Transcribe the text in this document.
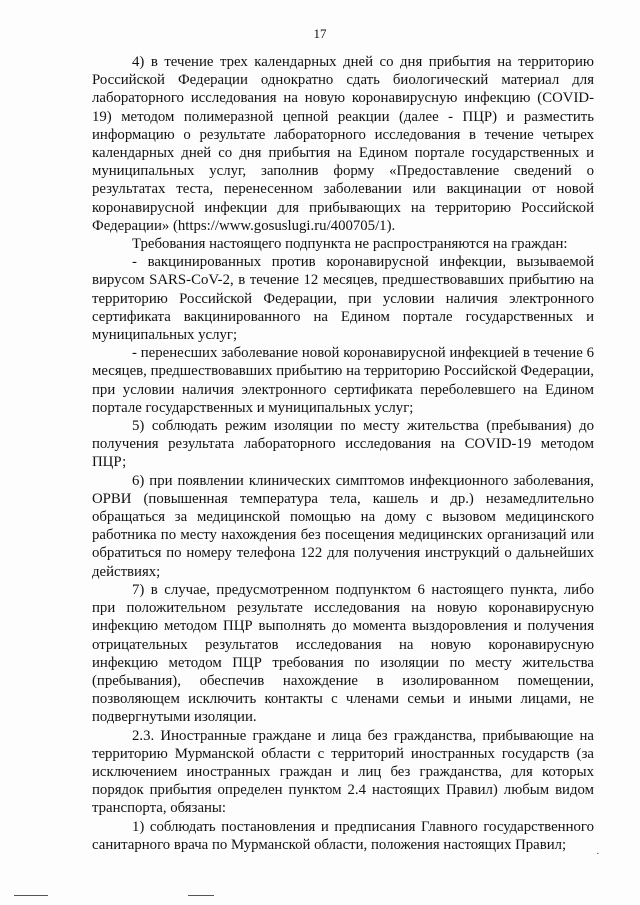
17

4) в течение трех календарных дней со дня прибытия на территорию Российской Федерации однократно сдать биологический материал для лабораторного исследования на новую коронавирусную инфекцию (COVID-19) методом полимеразной цепной реакции (далее - ПЦР) и разместить информацию о результате лабораторного исследования в течение четырех календарных дней со дня прибытия на Едином портале государственных и муниципальных услуг, заполнив форму «Предоставление сведений о результатах теста, перенесенном заболевании или вакцинации от новой коронавирусной инфекции для прибывающих на территорию Российской Федерации» (https://www.gosuslugi.ru/400705/1).

Требования настоящего подпункта не распространяются на граждан:

- вакцинированных против коронавирусной инфекции, вызываемой вирусом SARS-CoV-2, в течение 12 месяцев, предшествовавших прибытию на территорию Российской Федерации, при условии наличия электронного сертификата вакцинированного на Едином портале государственных и муниципальных услуг;

- перенесших заболевание новой коронавирусной инфекцией в течение 6 месяцев, предшествовавших прибытию на территорию Российской Федерации, при условии наличия электронного сертификата переболевшего на Едином портале государственных и муниципальных услуг;

5) соблюдать режим изоляции по месту жительства (пребывания) до получения результата лабораторного исследования на COVID-19 методом ПЦР;

6) при появлении клинических симптомов инфекционного заболевания, ОРВИ (повышенная температура тела, кашель и др.) незамедлительно обращаться за медицинской помощью на дому с вызовом медицинского работника по месту нахождения без посещения медицинских организаций или обратиться по номеру телефона 122 для получения инструкций о дальнейших действиях;

7) в случае, предусмотренном подпунктом 6 настоящего пункта, либо при положительном результате исследования на новую коронавирусную инфекцию методом ПЦР выполнять до момента выздоровления и получения отрицательных результатов исследования на новую коронавирусную инфекцию методом ПЦР требования по изоляции по месту жительства (пребывания), обеспечив нахождение в изолированном помещении, позволяющем исключить контакты с членами семьи и иными лицами, не подвергнутыми изоляции.

2.3. Иностранные граждане и лица без гражданства, прибывающие на территорию Мурманской области с территорий иностранных государств (за исключением иностранных граждан и лиц без гражданства, для которых порядок прибытия определен пунктом 2.4 настоящих Правил) любым видом транспорта, обязаны:

1) соблюдать постановления и предписания Главного государственного санитарного врача по Мурманской области, положения настоящих Правил;

·
